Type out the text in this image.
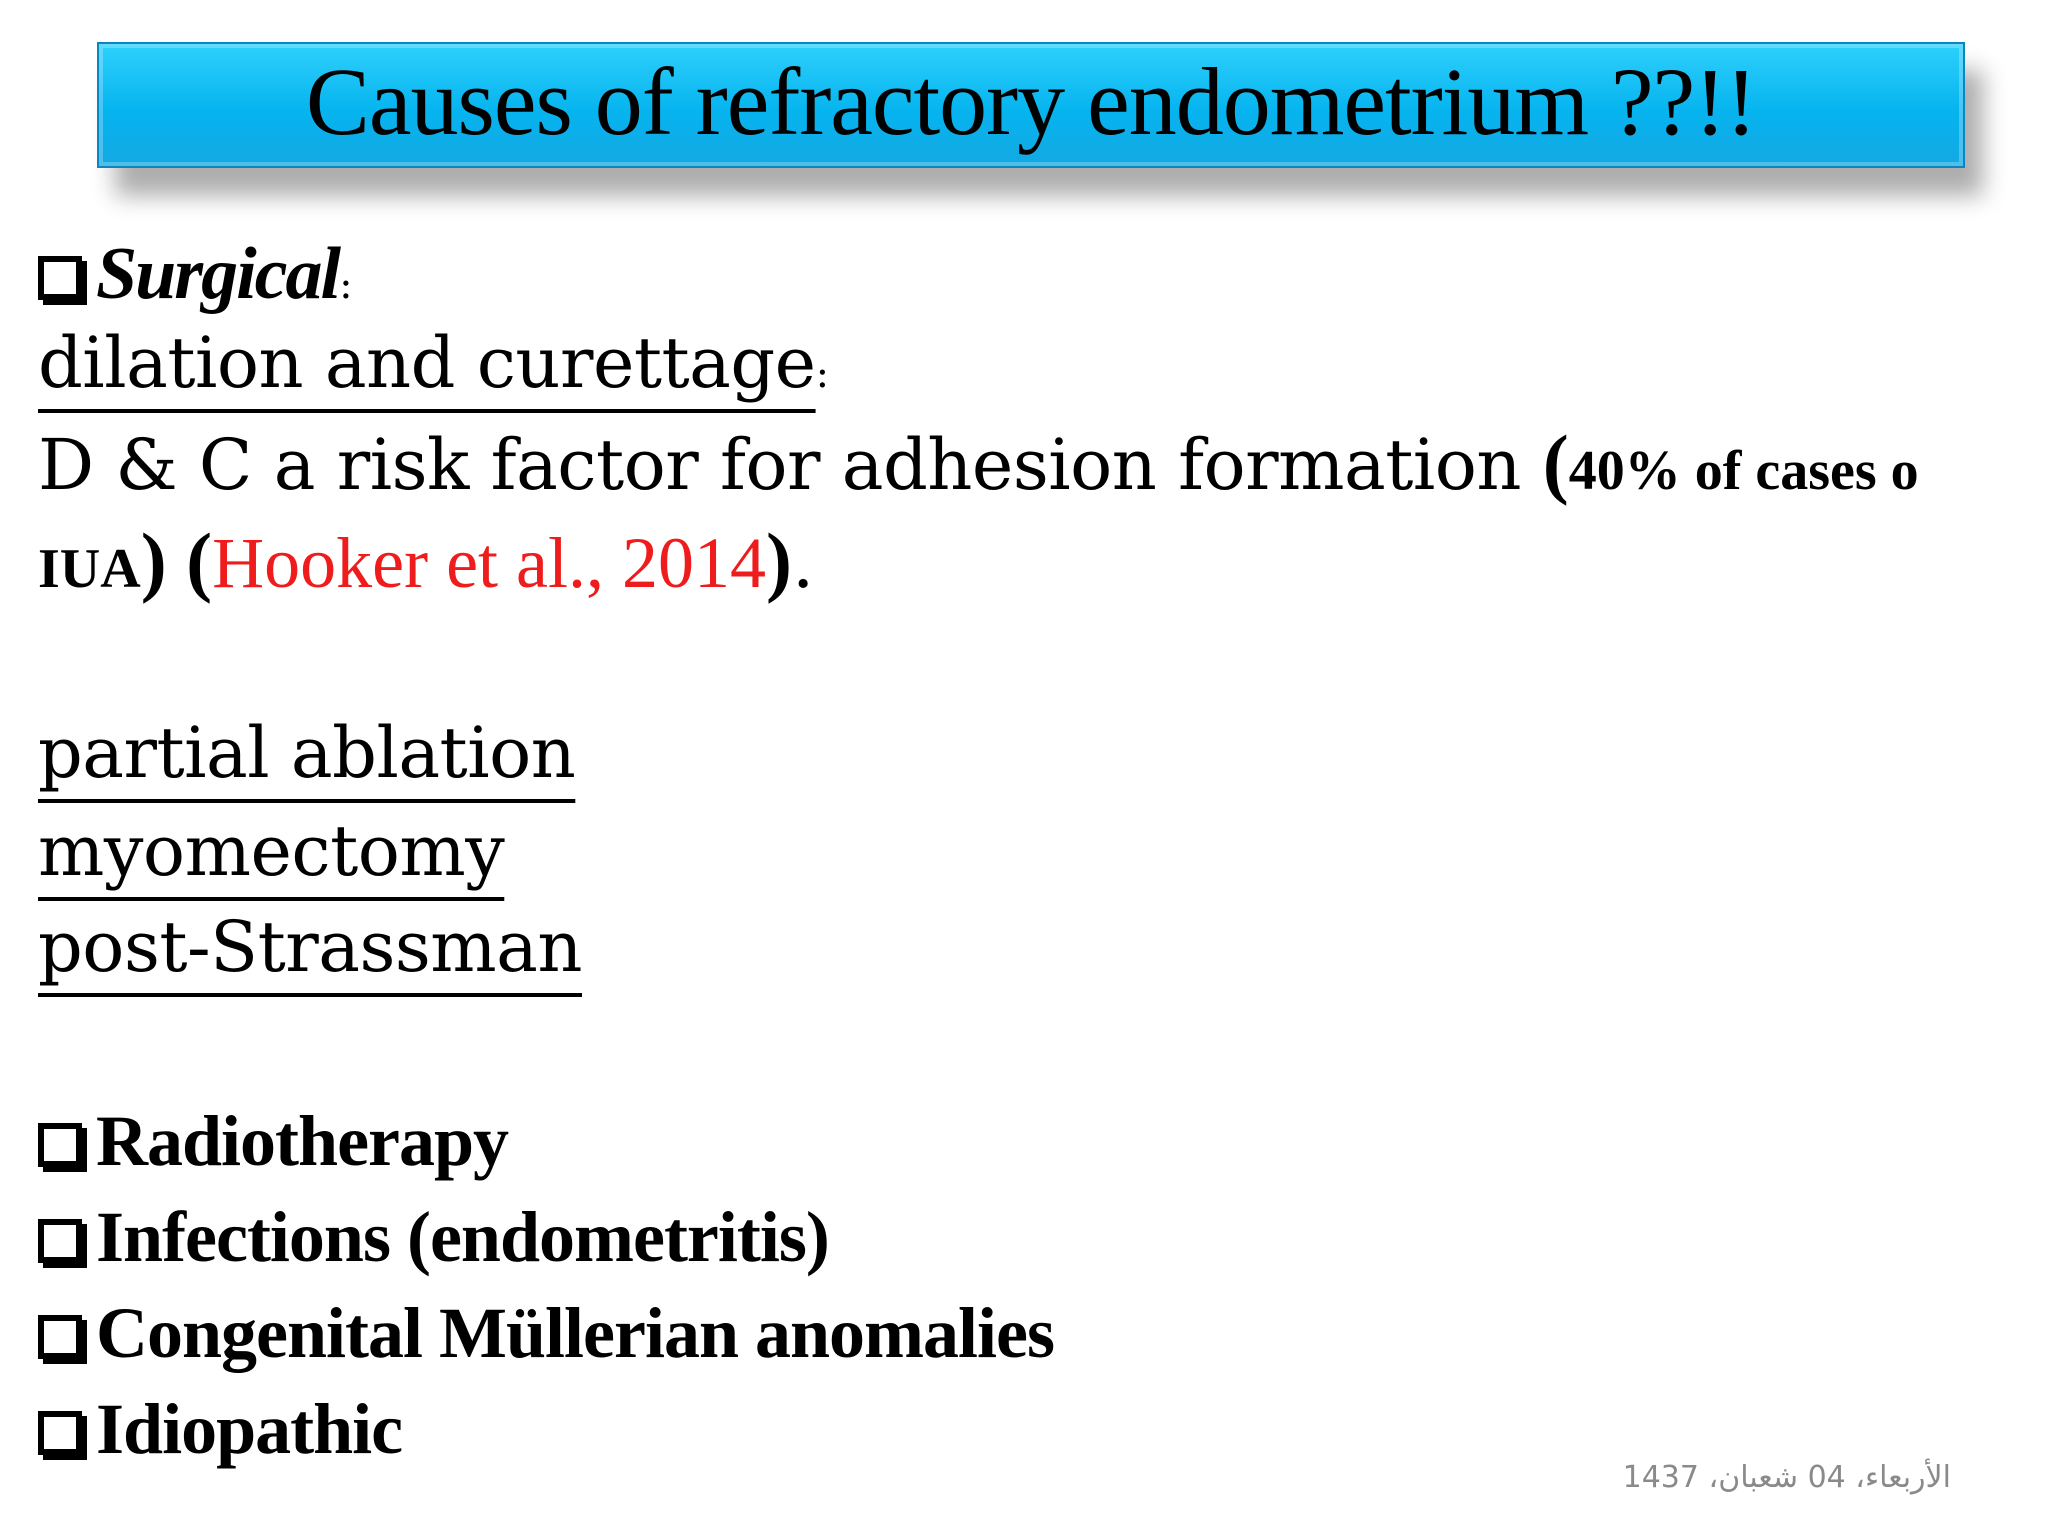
Causes of refractory endometrium ??!!
Surgical:
dilation and curettage:
D & C a risk factor for adhesion formation (40% of cases o
IUA) (Hooker et al., 2014).
partial ablation
myomectomy
post-Strassman
Radiotherapy
Infections (endometritis)
Congenital Müllerian anomalies
Idiopathic
الأربعاء، 04 شعبان، 1437
